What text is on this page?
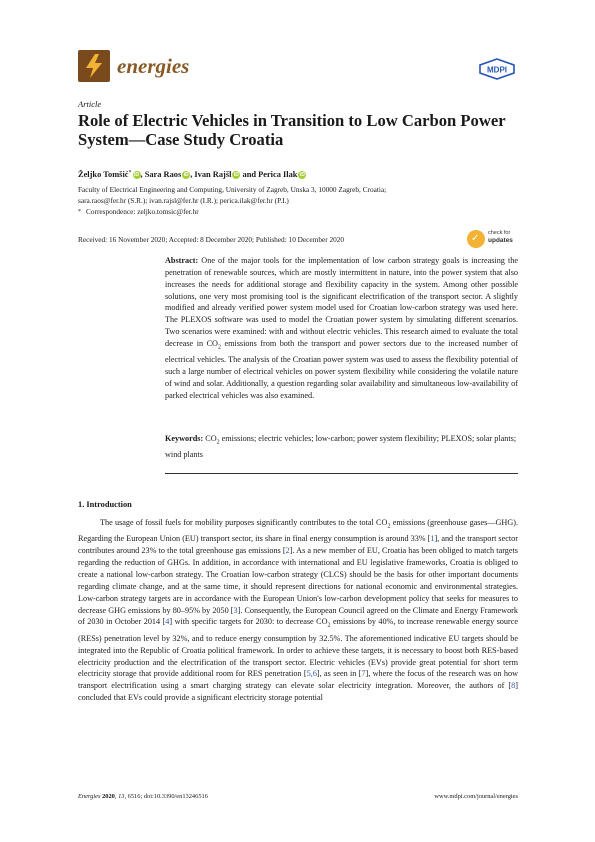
energies	MDPI
Article
Role of Electric Vehicles in Transition to Low Carbon Power System—Case Study Croatia
Željko Tomšić* iD , Sara Raos iD , Ivan Rajšl iD and Perica Ilak iD
Faculty of Electrical Engineering and Computing, University of Zagreb, Unska 3, 10000 Zagreb, Croatia;
sara.raos@fer.hr (S.R.); ivan.rajsl@fer.hr (I.R.); perica.ilak@fer.hr (P.I.)
* Correspondence: zeljko.tomsic@fer.hr
Received: 16 November 2020; Accepted: 8 December 2020; Published: 10 December 2020	✓ check for
updates
Abstract: One of the major tools for the implementation of low carbon strategy goals is increasing the penetration of renewable sources, which are mostly intermittent in nature, into the power system that also increases the needs for additional storage and flexibility capacity in the system. Among other possible solutions, one very most promising tool is the significant electrification of the transport sector. A slightly modified and already verified power system model used for Croatian low-carbon strategy was used here. The PLEXOS software was used to model the Croatian power system by simulating different scenarios. Two scenarios were examined: with and without electric vehicles. This research aimed to evaluate the total decrease in $CO_2$ emissions from both the transport and power sectors due to the increased number of electrical vehicles. The analysis of the Croatian power system was used to assess the flexibility potential of such a large number of electrical vehicles on power system flexibility while considering the volatile nature of wind and solar. Additionally, a question regarding solar availability and simultaneous low-availability of parked electrical vehicles was also examined.
Keywords: $CO_2$ emissions; electric vehicles; low-carbon; power system flexibility; PLEXOS; solar plants; wind plants
1. Introduction
The usage of fossil fuels for mobility purposes significantly contributes to the total $CO_2$ emissions (greenhouse gases—GHG). Regarding the European Union (EU) transport sector, its share in final energy consumption is around 33% [1], and the transport sector contributes around 23% to the total greenhouse gas emissions [2]. As a new member of EU, Croatia has been obliged to match targets regarding the reduction of GHGs. In addition, in accordance with international and EU legislative frameworks, Croatia is obliged to create a national low-carbon strategy. The Croatian low-carbon strategy (CLCS) should be the basis for other important documents regarding climate change, and at the same time, it should represent directions for national economic and environmental strategies. Low-carbon strategy targets are in accordance with the European Union's low-carbon development policy that seeks for measures to decrease GHG emissions by 80–95% by 2050 [3]. Consequently, the European Council agreed on the Climate and Energy Framework of 2030 in October 2014 [4] with specific targets for 2030: to decrease $CO_2$ emissions by 40%, to increase renewable energy source (RESs) penetration level by 32%, and to reduce energy consumption by 32.5%. The aforementioned indicative EU targets should be integrated into the Republic of Croatia political framework. In order to achieve these targets, it is necessary to boost both RES-based electricity production and the electrification of the transport sector. Electric vehicles (EVs) provide great potential for short term electricity storage that provide additional room for RES penetration [5,6], as seen in [7], where the focus of the research was on how transport electrification using a smart charging strategy can elevate solar electricity integration. Moreover, the authors of [8] concluded that EVs could provide a significant electricity storage potential
Energies 2020, 13, 6516; doi:10.3390/en13246516	www.mdpi.com/journal/energies
